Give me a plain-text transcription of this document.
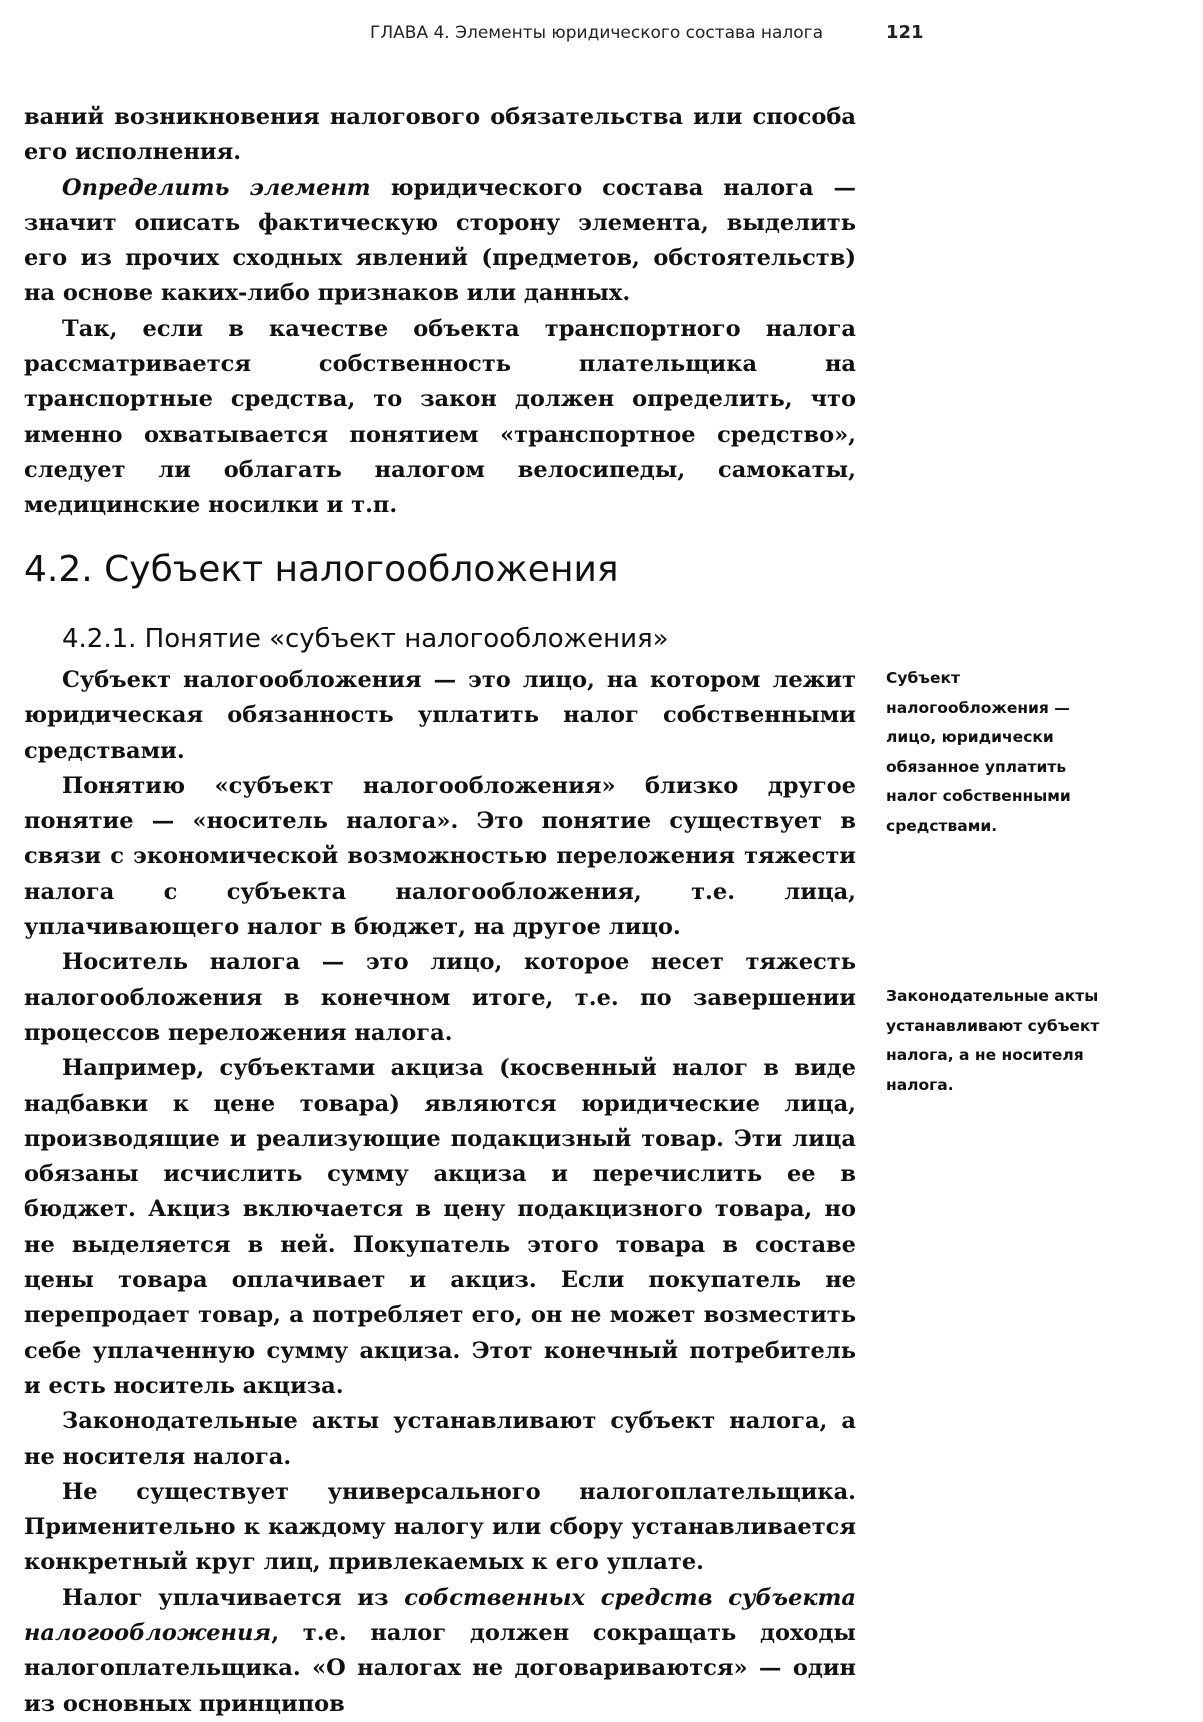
ГЛАВА 4. Элементы юридического состава налога	121

ваний возникновения налогового обязательства или способа его исполнения.

Определить элемент юридического состава налога — значит описать фактическую сторону элемента, выделить его из прочих сходных явлений (предметов, обстоятельств) на основе каких-либо признаков или данных.

Так, если в качестве объекта транспортного налога рассматривается собственность плательщика на транспортные средства, то закон должен определить, что именно охватывается понятием «транспортное средство», следует ли облагать налогом велосипеды, самокаты, медицинские носилки и т.п.

4.2. Субъект налогообложения
4.2.1. Понятие «субъект налогообложения»

Субъект налогообложения — это лицо, на котором лежит юридическая обязанность уплатить налог собственными средствами.

Понятию «субъект налогообложения» близко другое понятие — «носитель налога». Это понятие существует в связи с экономической возможностью переложения тяжести налога с субъекта налогообложения, т.е. лица, уплачивающего налог в бюджет, на другое лицо.

Носитель налога — это лицо, которое несет тяжесть налогообложения в конечном итоге, т.е. по завершении процессов переложения налога.

Например, субъектами акциза (косвенный налог в виде надбавки к цене товара) являются юридические лица, производящие и реализующие подакцизный товар. Эти лица обязаны исчислить сумму акциза и перечислить ее в бюджет. Акциз включается в цену подакцизного товара, но не выделяется в ней. Покупатель этого товара в составе цены товара оплачивает и акциз. Если покупатель не перепродает товар, а потребляет его, он не может возместить себе уплаченную сумму акциза. Этот конечный потребитель и есть носитель акциза.

Законодательные акты устанавливают субъект налога, а не носителя налога.

Не существует универсального налогоплательщика. Применительно к каждому налогу или сбору устанавливается конкретный круг лиц, привлекаемых к его уплате.

Налог уплачивается из собственных средств субъекта налогообложения, т.е. налог должен сокращать доходы налогоплательщика. «О налогах не договариваются» — один из основных принципов

Субъект налогообложения — лицо, юридически обязанное уплатить налог собственными средствами.
Законодательные акты устанавливают субъект налога, а не носителя налога.
